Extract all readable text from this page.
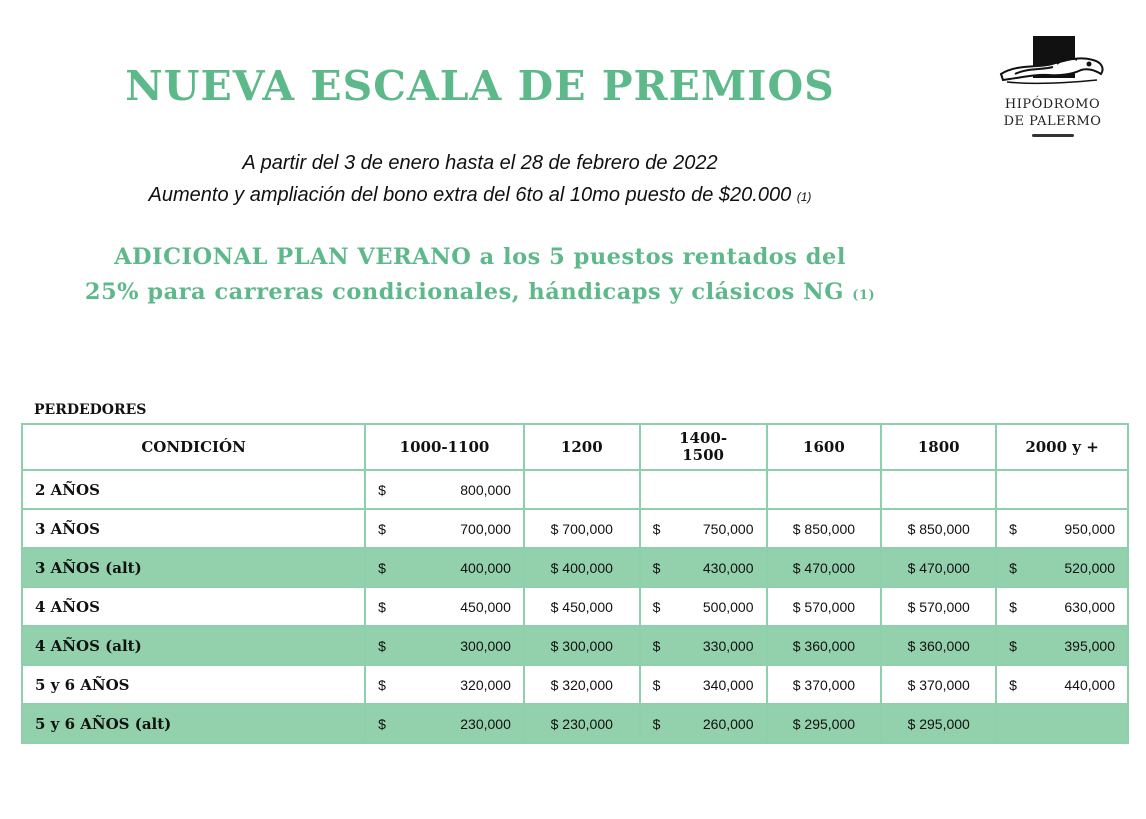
NUEVA ESCALA DE PREMIOS	HIPÓDROMO
DE PALERMO
A partir del 3 de enero hasta el 28 de febrero de 2022
Aumento y ampliación del bono extra del 6to al 10mo puesto de $20.000 (1)
ADICIONAL PLAN VERANO a los 5 puestos rentados del
25% para carreras condicionales, hándicaps y clásicos NG (1)
PERDEDORES
CONDICIÓN	1000-1100	1200	1400-
1500	1600	1800	2000 y +
2 AÑOS	$ 800,000					

3 AÑOS	$ 700,000	$ 700,000	$ 750,000	$ 850,000	$ 850,000	$ 950,000

3 AÑOS (alt)	$ 400,000	$ 400,000	$ 430,000	$ 470,000	$ 470,000	$ 520,000

4 AÑOS	$ 450,000	$ 450,000	$ 500,000	$ 570,000	$ 570,000	$ 630,000

4 AÑOS (alt)	$ 300,000	$ 300,000	$ 330,000	$ 360,000	$ 360,000	$ 395,000

5 y 6 AÑOS	$ 320,000	$ 320,000	$ 340,000	$ 370,000	$ 370,000	$ 440,000

5 y 6 AÑOS (alt)	$ 230,000	$ 230,000	$ 260,000	$ 295,000	$ 295,000	
